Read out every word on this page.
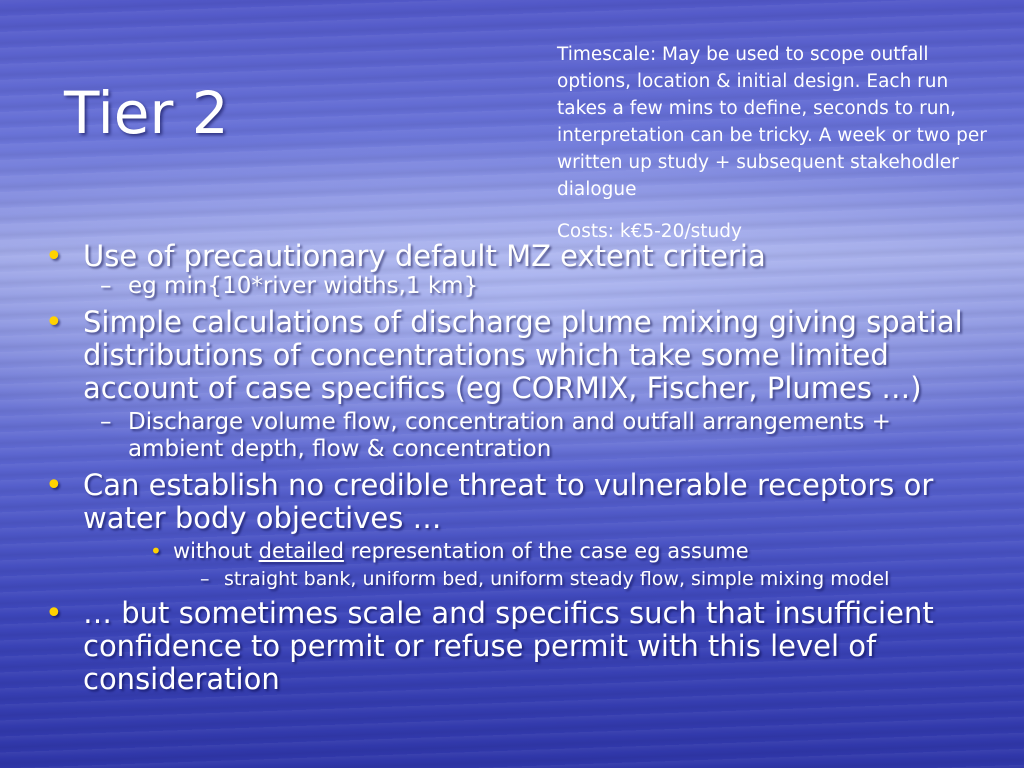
Tier 2

Timescale: May be used to scope outfall options, location & initial design. Each run takes a few mins to define, seconds to run, interpretation can be tricky. A week or two per written up study + subsequent stakehodler dialogue

Costs: k€5-20/study

• Use of precautionary default MZ extent criteria
– eg min{10*river widths,1 km}
• Simple calculations of discharge plume mixing giving spatial distributions of concentrations which take some limited account of case specifics (eg CORMIX, Fischer, Plumes …)
– Discharge volume flow, concentration and outfall arrangements + ambient depth, flow & concentration
• Can establish no credible threat to vulnerable receptors or water body objectives …
• without detailed representation of the case eg assume
– straight bank, uniform bed, uniform steady flow, simple mixing model
• … but sometimes scale and specifics such that insufficient confidence to permit or refuse permit with this level of consideration
